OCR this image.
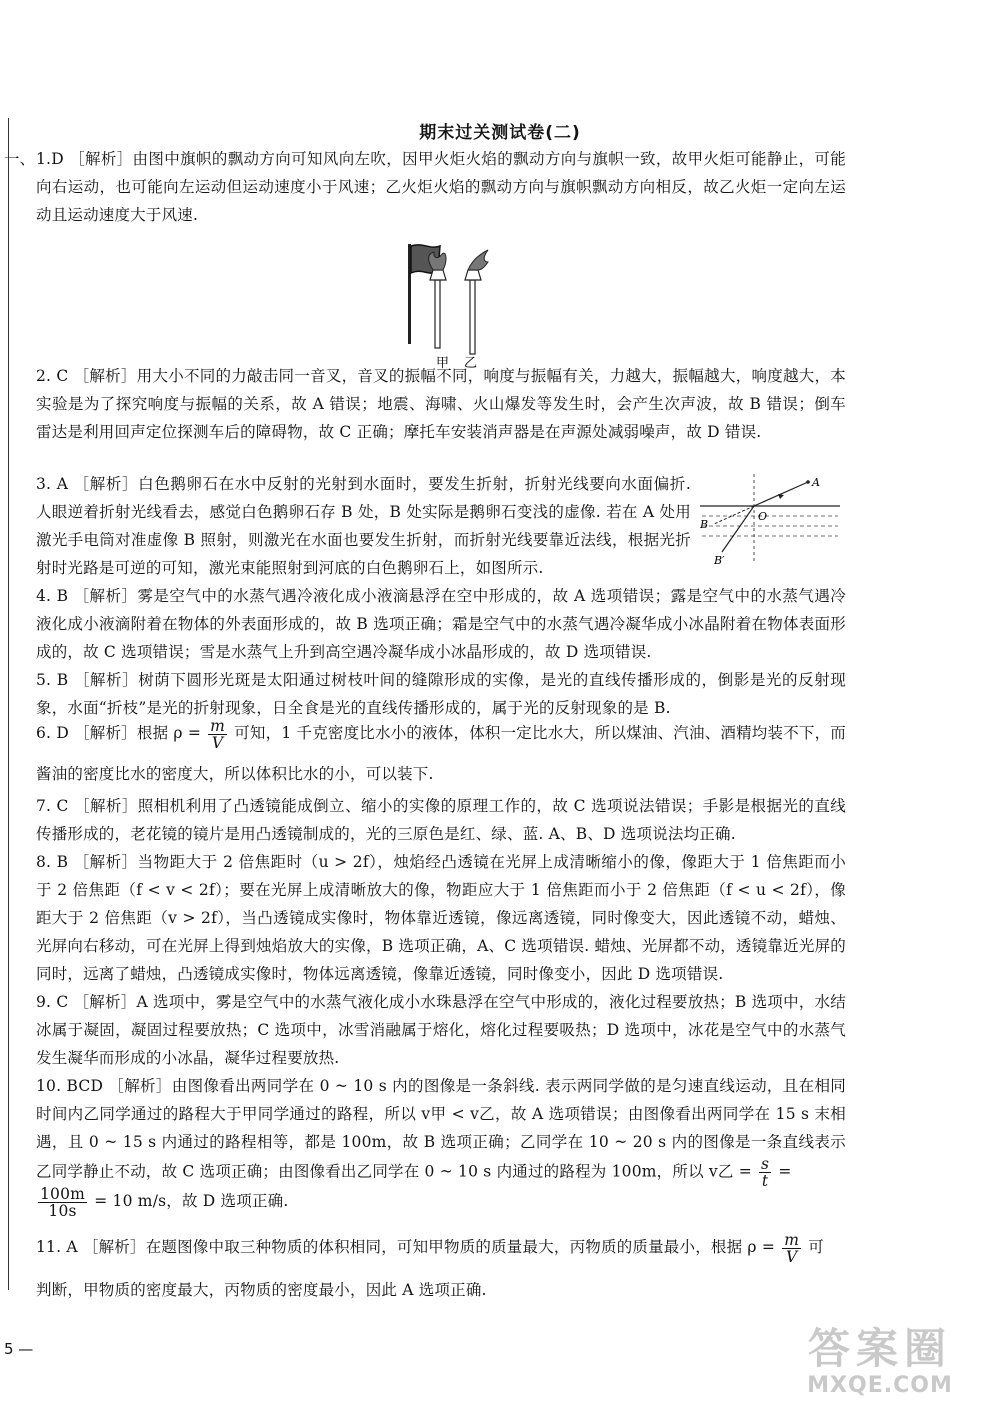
期末过关测试卷(二)
一、 1.D ［解析］由图中旗帜的飘动方向可知风向左吹，因甲火炬火焰的飘动方向与旗帜一致，故甲火炬可能静止，可能向右运动，也可能向左运动但运动速度小于风速；乙火炬火焰的飘动方向与旗帜飘动方向相反，故乙火炬一定向左运动且运动速度大于风速.
甲 乙
2. C ［解析］用大小不同的力敲击同一音叉，音叉的振幅不同，响度与振幅有关，力越大，振幅越大，响度越大，本实验是为了探究响度与振幅的关系，故 A 错误；地震、海啸、火山爆发等发生时，会产生次声波，故 B 错误；倒车雷达是利用回声定位探测车后的障碍物，故 C 正确；摩托车安装消声器是在声源处减弱噪声，故 D 错误.
3. A ［解析］白色鹅卵石在水中反射的光射到水面时，要发生折射，折射光线要向水面偏折. 人眼逆着折射光线看去，感觉白色鹅卵石存 B 处，B 处实际是鹅卵石变浅的虚像. 若在 A 处用激光手电筒对准虚像 B 照射，则激光在水面也要发生折射，而折射光线要靠近法线，根据光折射时光路是可逆的可知，激光束能照射到河底的白色鹅卵石上，如图所示.
A
B
O
B′
4. B ［解析］雾是空气中的水蒸气遇冷液化成小液滴悬浮在空中形成的，故 A 选项错误；露是空气中的水蒸气遇冷液化成小液滴附着在物体的外表面形成的，故 B 选项正确；霜是空气中的水蒸气遇冷凝华成小冰晶附着在物体表面形成的，故 C 选项错误；雪是水蒸气上升到高空遇冷凝华成小冰晶形成的，故 D 选项错误.
5. B ［解析］树荫下圆形光斑是太阳通过树枝叶间的缝隙形成的实像，是光的直线传播形成的，倒影是光的反射现象，水面“折枝”是光的折射现象，日全食是光的直线传播形成的，属于光的反射现象的是 B.
6. D ［解析］根据 $\rho = \frac{m}{V}$ 可知，1 千克密度比水小的液体，体积一定比水大，所以煤油、汽油、酒精均装不下，而
酱油的密度比水的密度大，所以体积比水的小，可以装下.
7. C ［解析］照相机利用了凸透镜能成倒立、缩小的实像的原理工作的，故 C 选项说法错误；手影是根据光的直线传播形成的，老花镜的镜片是用凸透镜制成的，光的三原色是红、绿、蓝. A、B、D 选项说法均正确.
8. B ［解析］当物距大于 2 倍焦距时（u > 2f），烛焰经凸透镜在光屏上成清晰缩小的像，像距大于 1 倍焦距而小于 2 倍焦距（f < v < 2f）；要在光屏上成清晰放大的像，物距应大于 1 倍焦距而小于 2 倍焦距（f < u < 2f），像距大于 2 倍焦距（v > 2f），当凸透镜成实像时，物体靠近透镜，像远离透镜，同时像变大，因此透镜不动，蜡烛、光屏向右移动，可在光屏上得到烛焰放大的实像，B 选项正确，A、C 选项错误. 蜡烛、光屏都不动，透镜靠近光屏的同时，远离了蜡烛，凸透镜成实像时，物体远离透镜，像靠近透镜，同时像变小，因此 D 选项错误.
9. C ［解析］A 选项中，雾是空气中的水蒸气液化成小水珠悬浮在空气中形成的，液化过程要放热；B 选项中，水结冰属于凝固，凝固过程要放热；C 选项中，冰雪消融属于熔化，熔化过程要吸热；D 选项中，冰花是空气中的水蒸气发生凝华而形成的小冰晶，凝华过程要放热.
10. BCD ［解析］由图像看出两同学在 0 ~ 10 s 内的图像是一条斜线. 表示两同学做的是匀速直线运动，且在相同时间内乙同学通过的路程大于甲同学通过的路程，所以 v甲 < v乙，故 A 选项错误；由图像看出两同学在 15 s 末相遇，且 0 ~ 15 s 内通过的路程相等，都是 100m，故 B 选项正确；乙同学在 10 ~ 20 s 内的图像是一条直线表示乙同学静止不动，故 C 选项正确；由图像看出乙同学在 0 ~ 10 s 内通过的路程为 100m，所以 v乙 = $\frac{s}{t}$ =
$\frac{100m}{10s} = 10$ m/s，故 D 选项正确.
11. A ［解析］在题图像中取三种物质的体积相同，可知甲物质的质量最大，丙物质的质量最小，根据 $\rho = \frac{m}{V}$ 可
判断，甲物质的密度最大，丙物质的密度最小，因此 A 选项正确.
5 —	答案圈
MXQE.COM
